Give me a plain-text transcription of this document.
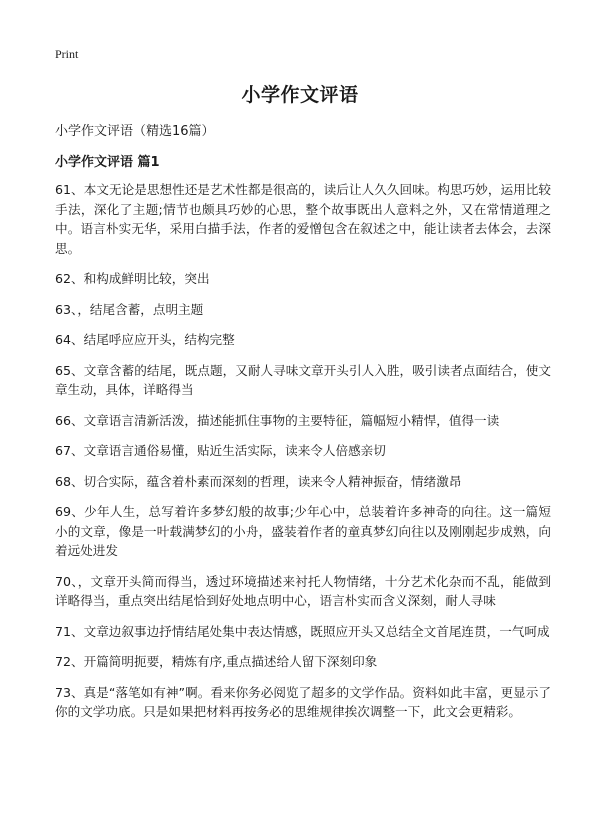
Print
小学作文评语

小学作文评语（精选16篇）

小学作文评语 篇1
61、本文无论是思想性还是艺术性都是很高的，读后让人久久回味。构思巧妙，运用比较手法，深化了主题;情节也颇具巧妙的心思，整个故事既出人意料之外，又在常情道理之中。语言朴实无华，采用白描手法，作者的爱憎包含在叙述之中，能让读者去体会，去深思。
62、和构成鲜明比较，突出
63、，结尾含蓄，点明主题
64、结尾呼应应开头，结构完整
65、文章含蓄的结尾，既点题，又耐人寻味文章开头引人入胜，吸引读者点面结合，使文章生动，具体，详略得当
66、文章语言清新活泼，描述能抓住事物的主要特征，篇幅短小精悍，值得一读
67、文章语言通俗易懂，贴近生活实际，读来令人倍感亲切
68、切合实际，蕴含着朴素而深刻的哲理，读来令人精神振奋，情绪激昂
69、少年人生，总写着许多梦幻般的故事;少年心中，总装着许多神奇的向往。这一篇短小的文章，像是一叶载满梦幻的小舟，盛装着作者的童真梦幻向往以及刚刚起步成熟，向着远处进发
70、，文章开头简而得当，透过环境描述来衬托人物情绪，十分艺术化杂而不乱，能做到详略得当，重点突出结尾恰到好处地点明中心，语言朴实而含义深刻，耐人寻味
71、文章边叙事边抒情结尾处集中表达情感，既照应开头又总结全文首尾连贯，一气呵成
72、开篇简明扼要，精炼有序,重点描述给人留下深刻印象
73、真是“落笔如有神”啊。看来你务必阅览了超多的文学作品。资料如此丰富，更显示了你的文学功底。只是如果把材料再按务必的思维规律挨次调整一下，此文会更精彩。
